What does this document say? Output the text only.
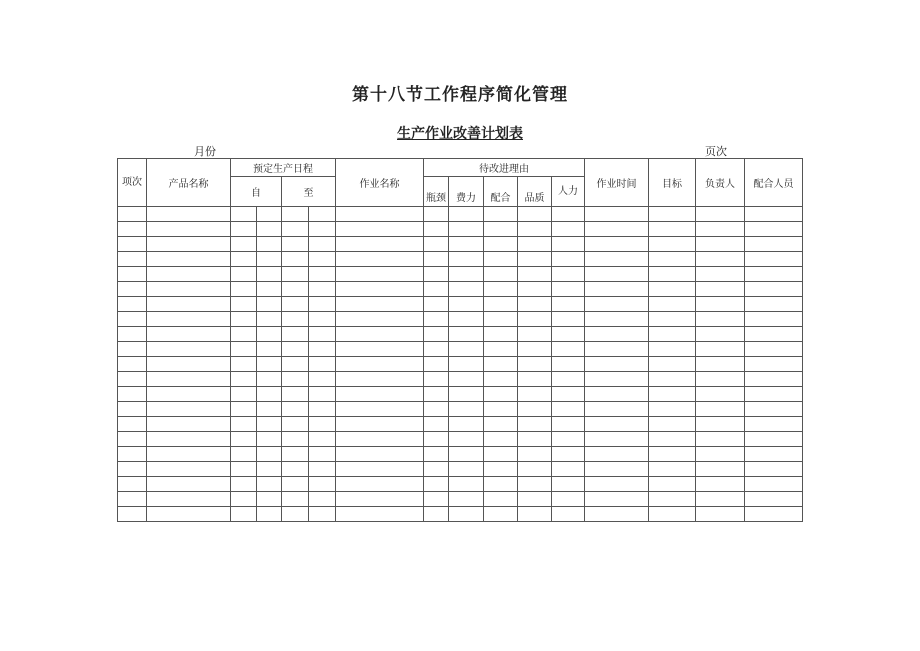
第十八节工作程序简化管理
生产作业改善计划表
月份	页次
项次	产品名称	预定生产日程				作业名称	待改进理由					作业时间	目标	负责人	配合人员
		自		至			瓶颈	费力	配合	品质	人力				
